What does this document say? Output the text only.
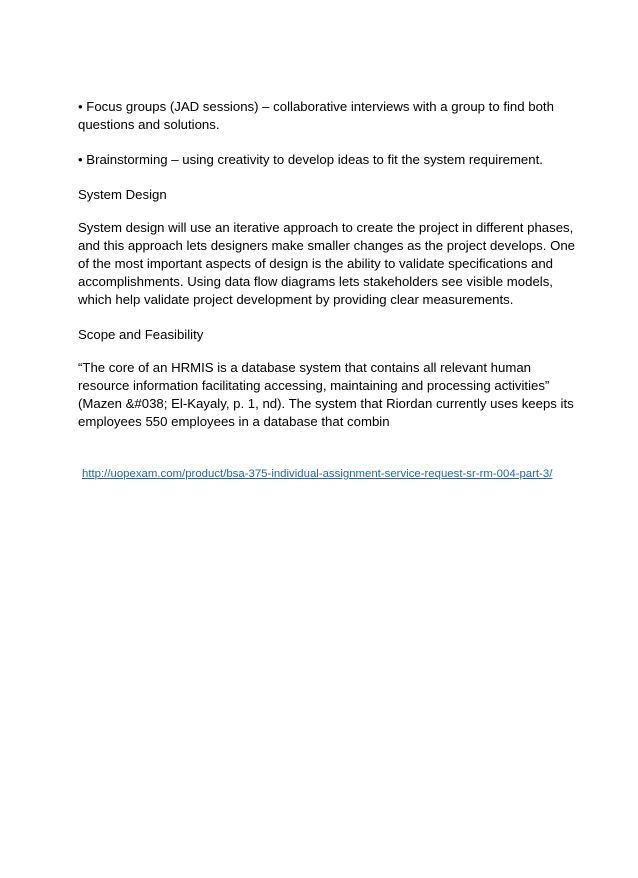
• Focus groups (JAD sessions) – collaborative interviews with a group to find both questions and solutions.

• Brainstorming – using creativity to develop ideas to fit the system requirement.

System Design

System design will use an iterative approach to create the project in different phases, and this approach lets designers make smaller changes as the project develops. One of the most important aspects of design is the ability to validate specifications and accomplishments. Using data flow diagrams lets stakeholders see visible models, which help validate project development by providing clear measurements.

Scope and Feasibility

“The core of an HRMIS is a database system that contains all relevant human resource information facilitating accessing, maintaining and processing activities” (Mazen &#038; El-Kayaly, p. 1, nd). The system that Riordan currently uses keeps its employees 550 employees in a database that combin

http://uopexam.com/product/bsa-375-individual-assignment-service-request-sr-rm-004-part-3/
